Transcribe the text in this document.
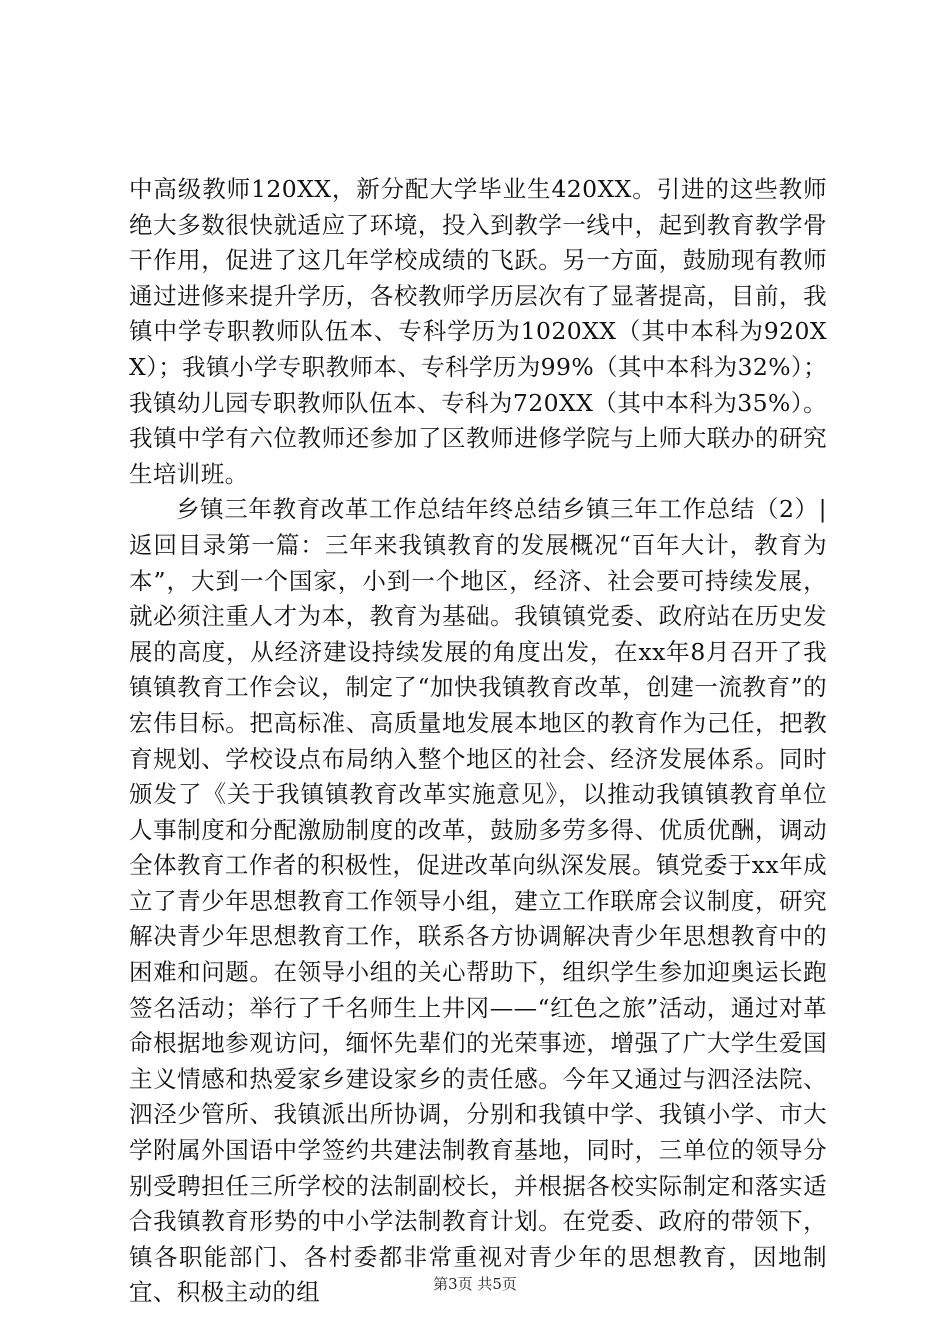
中高级教师120XX，新分配大学毕业生420XX。引进的这些教师绝大多数很快就适应了环境，投入到教学一线中，起到教育教学骨干作用，促进了这几年学校成绩的飞跃。另一方面，鼓励现有教师通过进修来提升学历，各校教师学历层次有了显著提高，目前，我镇中学专职教师队伍本、专科学历为1020XX（其中本科为920XX）；我镇小学专职教师本、专科学历为99%（其中本科为32%）；我镇幼儿园专职教师队伍本、专科为720XX（其中本科为35%）。我镇中学有六位教师还参加了区教师进修学院与上师大联办的研究生培训班。

乡镇三年教育改革工作总结年终总结乡镇三年工作总结（2）|返回目录第一篇：三年来我镇教育的发展概况“百年大计，教育为本”，大到一个国家，小到一个地区，经济、社会要可持续发展，就必须注重人才为本，教育为基础。我镇镇党委、政府站在历史发展的高度，从经济建设持续发展的角度出发，在xx年8月召开了我镇镇教育工作会议，制定了“加快我镇教育改革，创建一流教育”的宏伟目标。把高标准、高质量地发展本地区的教育作为己任，把教育规划、学校设点布局纳入整个地区的社会、经济发展体系。同时颁发了《关于我镇镇教育改革实施意见》，以推动我镇镇教育单位人事制度和分配激励制度的改革，鼓励多劳多得、优质优酬，调动全体教育工作者的积极性，促进改革向纵深发展。镇党委于xx年成立了青少年思想教育工作领导小组，建立工作联席会议制度，研究解决青少年思想教育工作，联系各方协调解决青少年思想教育中的困难和问题。在领导小组的关心帮助下，组织学生参加迎奥运长跑签名活动；举行了千名师生上井冈——“红色之旅”活动，通过对革命根据地参观访问，缅怀先辈们的光荣事迹，增强了广大学生爱国主义情感和热爱家乡建设家乡的责任感。今年又通过与泗泾法院、泗泾少管所、我镇派出所协调，分别和我镇中学、我镇小学、市大学附属外国语中学签约共建法制教育基地，同时，三单位的领导分别受聘担任三所学校的法制副校长，并根据各校实际制定和落实适合我镇教育形势的中小学法制教育计划。在党委、政府的带领下，镇各职能部门、各村委都非常重视对青少年的思想教育，因地制宜、积极主动的组	第3页 共5页
